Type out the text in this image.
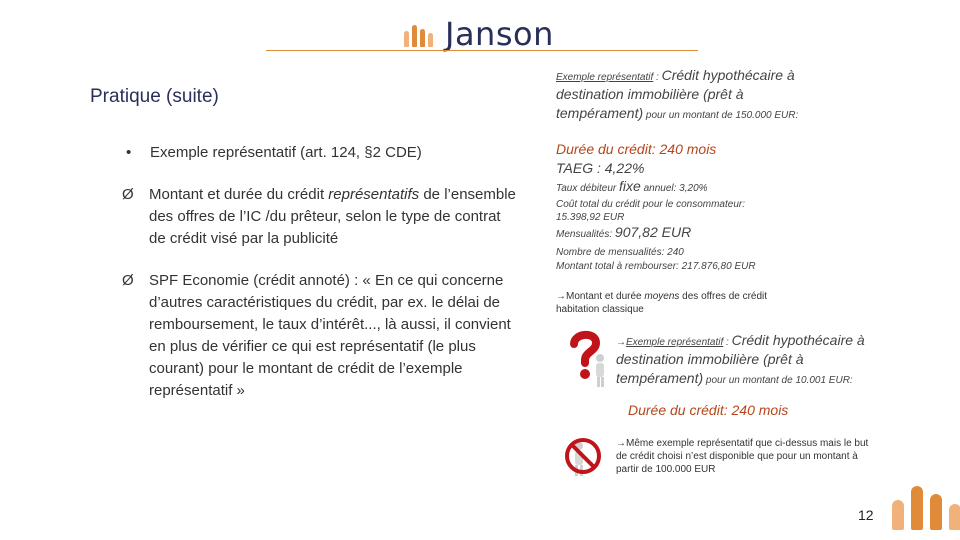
Janson
Pratique (suite)
• Exemple représentatif (art. 124, §2 CDE)
Ø Montant et durée du crédit représentatifs de l’ensemble des offres de l’IC /du prêteur, selon le type de contrat de crédit visé par la publicité
Ø SPF Economie (crédit annoté) : « En ce qui concerne d’autres caractéristiques du crédit, par ex. le délai de remboursement, le taux d’intérêt..., là aussi, il convient en plus de vérifier ce qui est représentatif (le plus courant) pour le montant de crédit de l’exemple représentatif »
Exemple représentatif : Crédit hypothécaire à destination immobilière (prêt à tempérament) pour un montant de 150.000 EUR:
Durée du crédit: 240 mois
TAEG : 4,22%
Taux débiteur fixe annuel: 3,20%
Coût total du crédit pour le consommateur: 15.398,92 EUR
Mensualités: 907,82 EUR
Nombre de mensualités: 240
Montant total à rembourser: 217.876,80 EUR
→Montant et durée moyens des offres de crédit habitation classique
→Exemple représentatif : Crédit hypothécaire à destination immobilière (prêt à tempérament) pour un montant de 10.001 EUR:
Durée du crédit: 240 mois
→Même exemple représentatif que ci-dessus mais le but de crédit choisi n’est disponible que pour un montant à partir de 100.000 EUR
12
